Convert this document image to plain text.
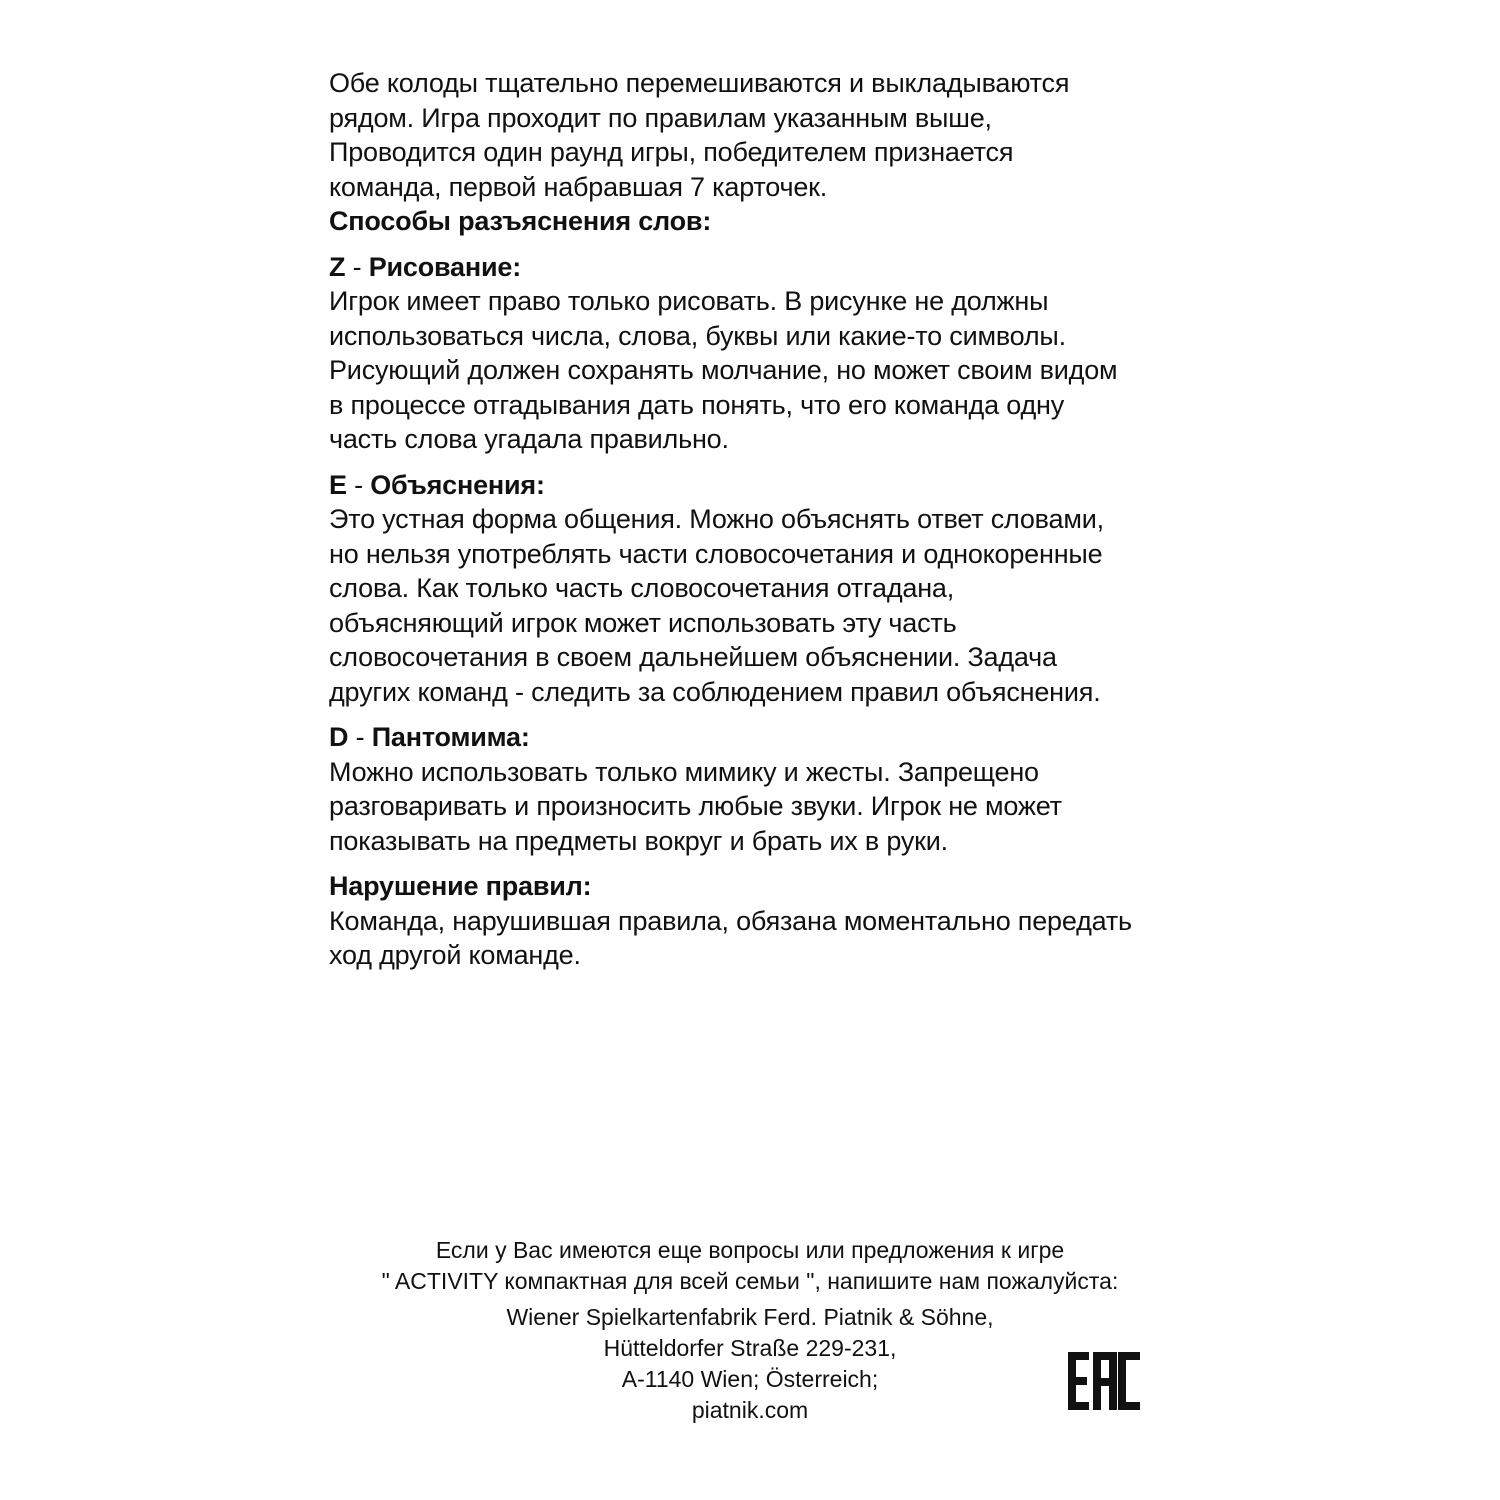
Обе колоды тщательно перемешиваются и выкладываются

рядом. Игра проходит по правилам указанным выше,

Проводится один раунд игры, победителем признается

команда, первой набравшая 7 карточек.

Способы разъяснения слов:

Z - Рисование:

Игрок имеет право только рисовать. В рисунке не должны

использоваться числа, слова, буквы или какие-то символы.

Рисующий должен сохранять молчание, но может своим видом

в процессе отгадывания дать понять, что его команда одну

часть слова угадала правильно.

E - Объяснения:

Это устная форма общения. Можно объяснять ответ словами,

но нельзя употреблять части словосочетания и однокоренные

слова. Как только часть словосочетания отгадана,

объясняющий игрок может использовать эту часть

словосочетания в своем дальнейшем объяснении. Задача

других команд - следить за соблюдением правил объяснения.

D - Пантомима:

Можно использовать только мимику и жесты. Запрещено

разговаривать и произносить любые звуки. Игрок не может

показывать на предметы вокруг и брать их в руки.

Нарушение правил:

Команда, нарушившая правила, обязана моментально передать

ход другой команде.

Если у Вас имеются еще вопросы или предложения к игре

" ACTIVITY компактная для всей семьи ", напишите нам пожалуйста:

Wiener Spielkartenfabrik Ferd. Piatnik & Söhne,

Hütteldorfer Straße 229-231,

A-1140 Wien; Österreich;

piatnik.com
